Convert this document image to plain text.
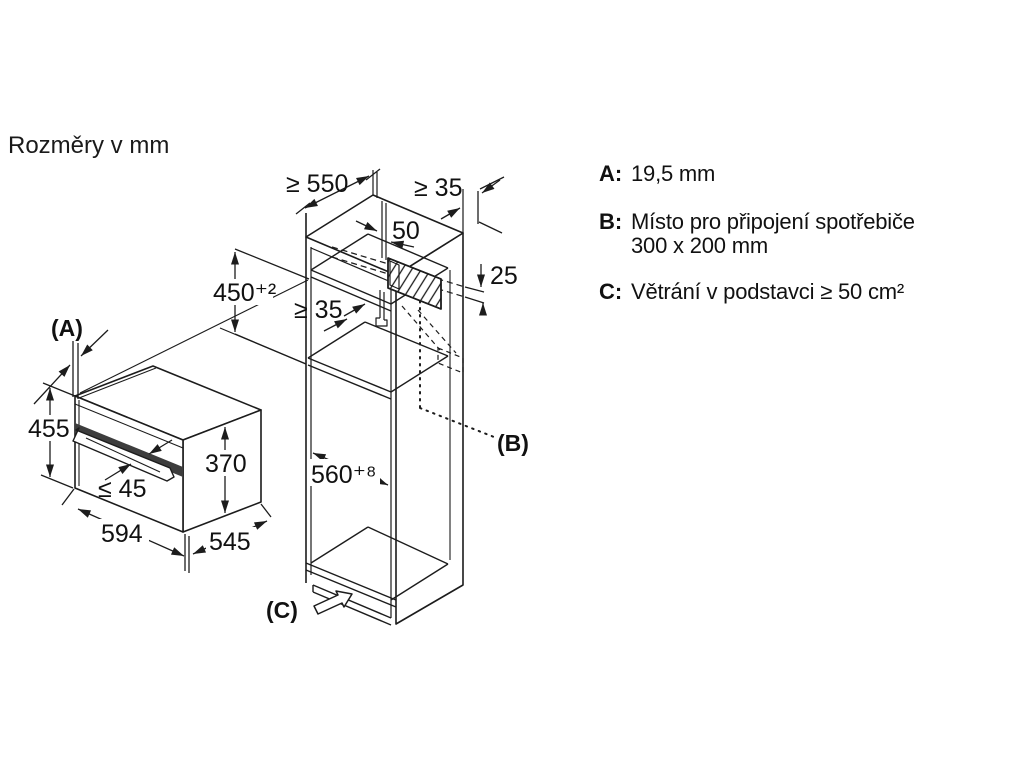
Rozměry v mm
A: 19,5 mm
B: Místo pro připojení spotřebiče
300 x 200 mm
C: Větrání v podstavci ≥ 50 cm²
(A)
455
≤ 45
370
594	545
≥ 550	≥ 35
50
25
450⁺²
≥ 35
560⁺⁸
(B)
(C)
